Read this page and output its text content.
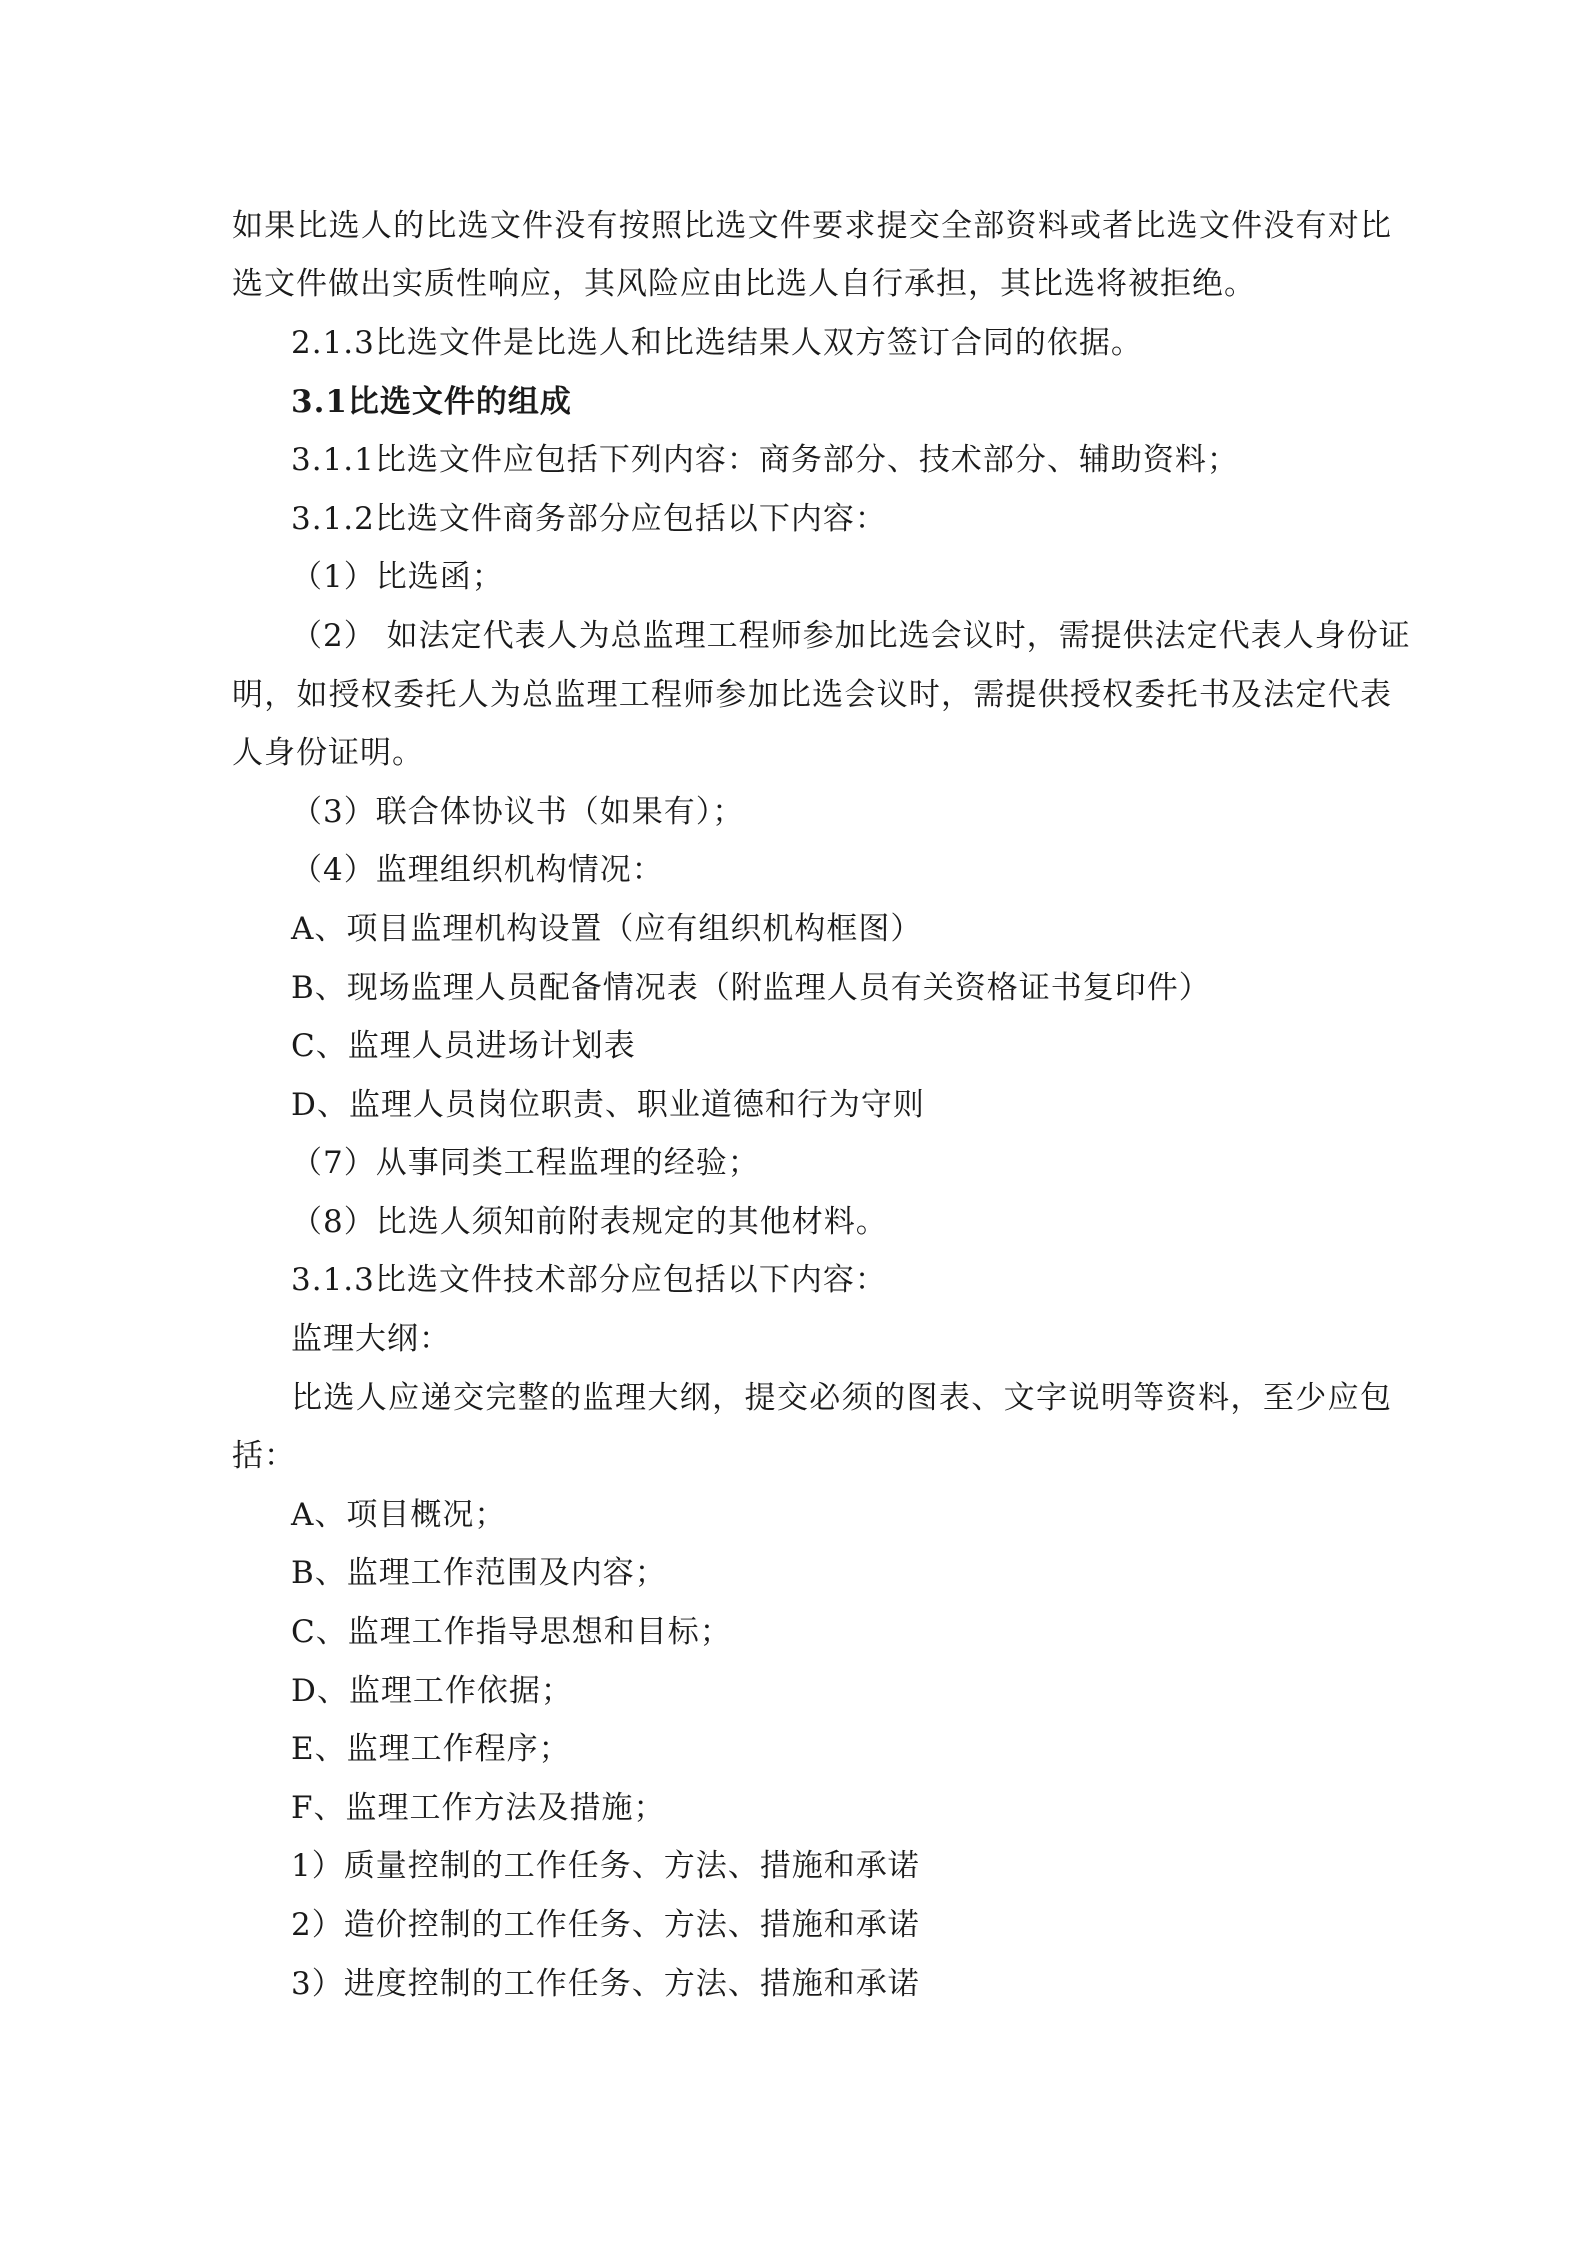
如果比选人的比选文件没有按照比选文件要求提交全部资料或者比选文件没有对比
选文件做出实质性响应，其风险应由比选人自行承担，其比选将被拒绝。
2.1.3比选文件是比选人和比选结果人双方签订合同的依据。
3.1比选文件的组成
3.1.1比选文件应包括下列内容：商务部分、技术部分、辅助资料；
3.1.2比选文件商务部分应包括以下内容：
（1）比选函；
（2） 如法定代表人为总监理工程师参加比选会议时，需提供法定代表人身份证
明，如授权委托人为总监理工程师参加比选会议时，需提供授权委托书及法定代表
人身份证明。
（3）联合体协议书（如果有）；
（4）监理组织机构情况：
A、项目监理机构设置（应有组织机构框图）
B、现场监理人员配备情况表（附监理人员有关资格证书复印件）
C、监理人员进场计划表
D、监理人员岗位职责、职业道德和行为守则
（7）从事同类工程监理的经验；
（8）比选人须知前附表规定的其他材料。
3.1.3比选文件技术部分应包括以下内容：
监理大纲：
比选人应递交完整的监理大纲，提交必须的图表、文字说明等资料，至少应包
括：
A、项目概况；
B、监理工作范围及内容；
C、监理工作指导思想和目标；
D、监理工作依据；
E、监理工作程序；
F、监理工作方法及措施；
1）质量控制的工作任务、方法、措施和承诺
2）造价控制的工作任务、方法、措施和承诺
3）进度控制的工作任务、方法、措施和承诺
